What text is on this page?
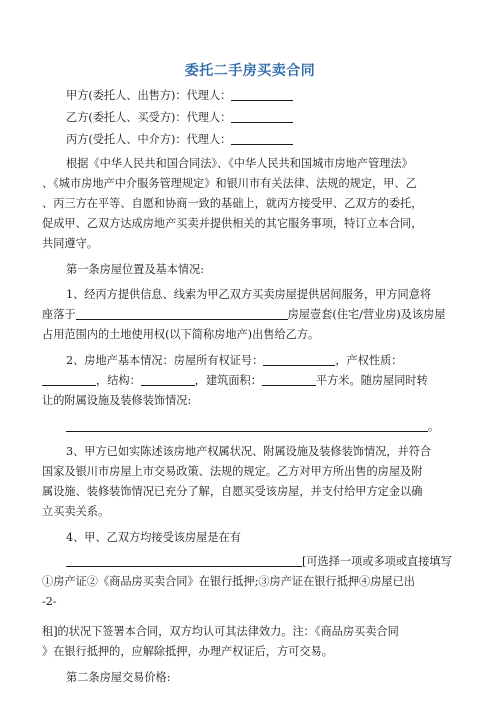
委托二手房买卖合同
甲方(委托人、出售方)：代理人：
乙方(委托人、买受方)：代理人：
丙方(受托人、中介方)：代理人：
根据《中华人民共和国合同法》、《中华人民共和国城市房地产管理法》
、《城市房地产中介服务管理规定》和银川市有关法律、法规的规定，甲、乙
、丙三方在平等、自愿和协商一致的基础上，就丙方接受甲、乙双方的委托，
促成甲、乙双方达成房地产买卖并提供相关的其它服务事项，特订立本合同，
共同遵守。
第一条房屋位置及基本情况:
1、经丙方提供信息、线索为甲乙双方买卖房屋提供居间服务，甲方同意将
座落于	房屋壹套(住宅/营业房)及该房屋
占用范围内的土地使用权(以下简称房地产)出售给乙方。
2、房地产基本情况：房屋所有权证号：	，产权性质：
，结构：	，建筑面积：	平方米。随房屋同时转
让的附属设施及装修装饰情况:
。
3、甲方已如实陈述该房地产权属状况、附属设施及装修装饰情况，并符合
国家及银川市房屋上市交易政策、法规的规定。乙方对甲方所出售的房屋及附
属设施、装修装饰情况已充分了解，自愿买受该房屋，并支付给甲方定金以确
立买卖关系。
4、甲、乙双方均接受该房屋是在有
[可选择一项或多项或直接填写
①房产证②《商品房买卖合同》在银行抵押;③房产证在银行抵押④房屋已出
-2-
租]的状况下签署本合同，双方均认可其法律效力。注：《商品房买卖合同
》在银行抵押的，应解除抵押，办理产权证后，方可交易。
第二条房屋交易价格:
